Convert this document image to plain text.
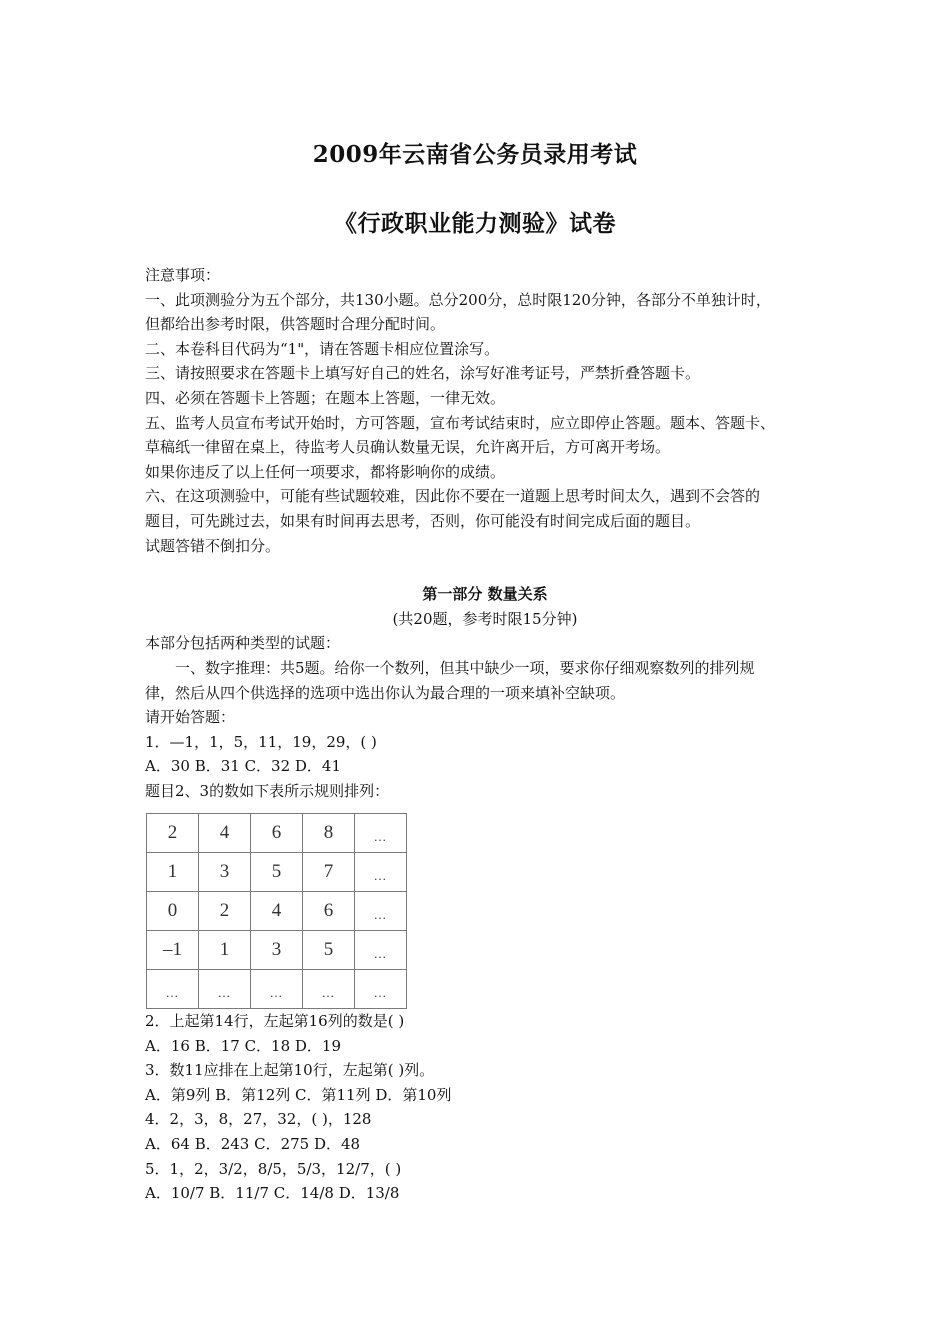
2009年云南省公务员录用考试
《行政职业能力测验》试卷
注意事项：
一、此项测验分为五个部分，共130小题。总分200分，总时限120分钟，各部分不单独计时，
但都给出参考时限，供答题时合理分配时间。
二、本卷科目代码为“1"，请在答题卡相应位置涂写。
三、请按照要求在答题卡上填写好自己的姓名，涂写好准考证号，严禁折叠答题卡。
四、必须在答题卡上答题；在题本上答题，一律无效。
五、监考人员宣布考试开始时，方可答题，宣布考试结束时，应立即停止答题。题本、答题卡、
草稿纸一律留在桌上，待监考人员确认数量无误，允许离开后，方可离开考场。
如果你违反了以上任何一项要求，都将影响你的成绩。
六、在这项测验中，可能有些试题较难，因此你不要在一道题上思考时间太久，遇到不会答的
题目，可先跳过去，如果有时间再去思考，否则，你可能没有时间完成后面的题目。
试题答错不倒扣分。
第一部分 数量关系
(共20题，参考时限15分钟)
本部分包括两种类型的试题：
一、数字推理：共5题。给你一个数列，但其中缺少一项，要求你仔细观察数列的排列规
律，然后从四个供选择的选项中选出你认为最合理的一项来填补空缺项。
请开始答题：
1．—1，1，5，11，19，29，( )
A．30 B．31 C．32 D．41
题目2、3的数如下表所示规则排列：
2	4	6	8	...
1	3	5	7	...
0	2	4	6	...
–1	1	3	5	...
...	...	...	...	...
2．上起第14行，左起第16列的数是( )
A．16 B．17 C．18 D．19
3．数11应排在上起第10行，左起第( )列。
A．第9列 B．第12列 C．第11列 D．第10列
4．2，3，8，27，32，( )，128
A．64 B．243 C．275 D．48
5．1，2，3/2，8/5，5/3，12/7，( )
A．10/7 B．11/7 C．14/8 D．13/8
